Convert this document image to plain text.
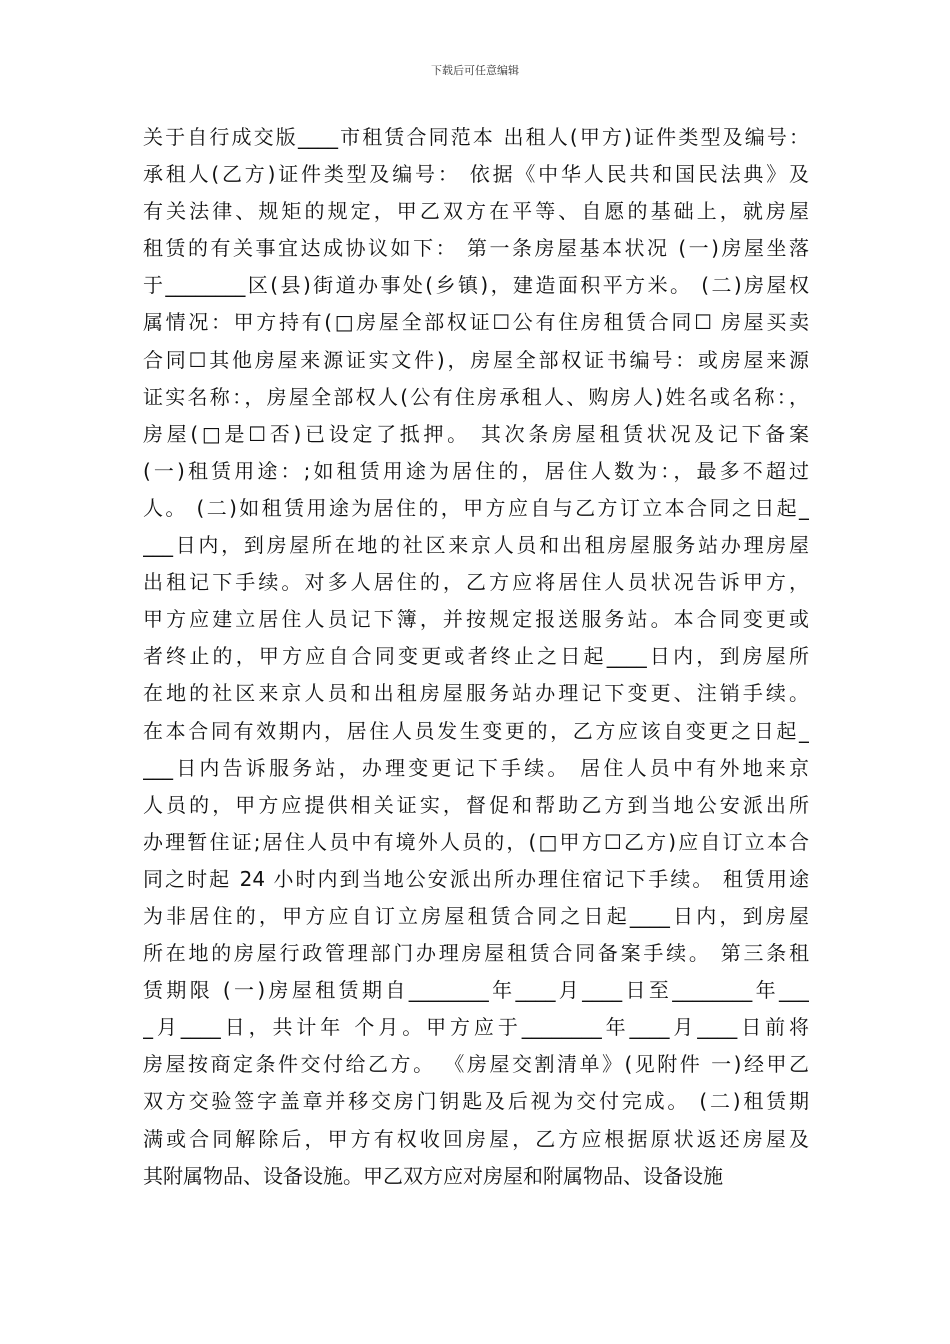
下载后可任意编辑
关于自行成交版____市租赁合同范本 出租人(甲方)证件类型及编号：
承租人(乙方)证件类型及编号： 依据《中华人民共和国民法典》及
有关法律、规矩的规定，甲乙双方在平等、自愿的基础上，就房屋
租赁的有关事宜达成协议如下： 第一条房屋基本状况 (一)房屋坐落
于________区(县)街道办事处(乡镇)，建造面积平方米。 (二)房屋权
属情况：甲方持有(□房屋全部权证☐公有住房租赁合同☐ 房屋买卖
合同☐其他房屋来源证实文件)，房屋全部权证书编号：或房屋来源
证实名称：，房屋全部权人(公有住房承租人、购房人)姓名或名称：，
房屋(□是☐否)已设定了抵押。 其次条房屋租赁状况及记下备案
(一)租赁用途：;如租赁用途为居住的，居住人数为：，最多不超过
人。 (二)如租赁用途为居住的，甲方应自与乙方订立本合同之日起_
___日内，到房屋所在地的社区来京人员和出租房屋服务站办理房屋
出租记下手续。对多人居住的，乙方应将居住人员状况告诉甲方，
甲方应建立居住人员记下簿，并按规定报送服务站。本合同变更或
者终止的，甲方应自合同变更或者终止之日起____日内，到房屋所
在地的社区来京人员和出租房屋服务站办理记下变更、注销手续。
在本合同有效期内，居住人员发生变更的，乙方应该自变更之日起_
___日内告诉服务站，办理变更记下手续。 居住人员中有外地来京
人员的，甲方应提供相关证实，督促和帮助乙方到当地公安派出所
办理暂住证;居住人员中有境外人员的，(□甲方☐乙方)应自订立本合
同之时起 24 小时内到当地公安派出所办理住宿记下手续。 租赁用途
为非居住的，甲方应自订立房屋租赁合同之日起____日内，到房屋
所在地的房屋行政管理部门办理房屋租赁合同备案手续。 第三条租
赁期限 (一)房屋租赁期自________年____月____日至________年___
_月____日，共计年 个月。甲方应于________年____月____日前将
房屋按商定条件交付给乙方。 《房屋交割清单》(见附件 一)经甲乙
双方交验签字盖章并移交房门钥匙及后视为交付完成。 (二)租赁期
满或合同解除后，甲方有权收回房屋，乙方应根据原状返还房屋及
其附属物品、设备设施。甲乙双方应对房屋和附属物品、设备设施
